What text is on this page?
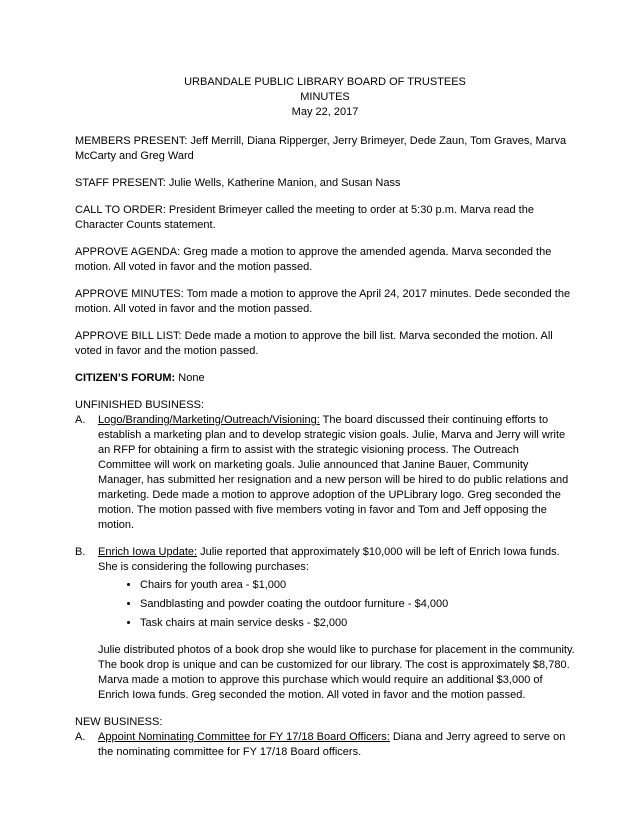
URBANDALE PUBLIC LIBRARY BOARD OF TRUSTEES
MINUTES
May 22, 2017

MEMBERS PRESENT: Jeff Merrill, Diana Ripperger, Jerry Brimeyer, Dede Zaun, Tom Graves, Marva McCarty and Greg Ward

STAFF PRESENT: Julie Wells, Katherine Manion, and Susan Nass

CALL TO ORDER: President Brimeyer called the meeting to order at 5:30 p.m. Marva read the Character Counts statement.

APPROVE AGENDA: Greg made a motion to approve the amended agenda. Marva seconded the motion. All voted in favor and the motion passed.

APPROVE MINUTES: Tom made a motion to approve the April 24, 2017 minutes. Dede seconded the motion. All voted in favor and the motion passed.

APPROVE BILL LIST: Dede made a motion to approve the bill list. Marva seconded the motion. All voted in favor and the motion passed.

CITIZEN’S FORUM: None

UNFINISHED BUSINESS:
A.	Logo/Branding/Marketing/Outreach/Visioning: The board discussed their continuing efforts to establish a marketing plan and to develop strategic vision goals. Julie, Marva and Jerry will write an RFP for obtaining a firm to assist with the strategic visioning process. The Outreach Committee will work on marketing goals. Julie announced that Janine Bauer, Community Manager, has submitted her resignation and a new person will be hired to do public relations and marketing. Dede made a motion to approve adoption of the UPLibrary logo. Greg seconded the motion. The motion passed with five members voting in favor and Tom and Jeff opposing the motion.
B.	Enrich Iowa Update: Julie reported that approximately $10,000 will be left of Enrich Iowa funds. She is considering the following purchases:
• Chairs for youth area - $1,000
• Sandblasting and powder coating the outdoor furniture - $4,000
• Task chairs at main service desks - $2,000
Julie distributed photos of a book drop she would like to purchase for placement in the community. The book drop is unique and can be customized for our library. The cost is approximately $8,780. Marva made a motion to approve this purchase which would require an additional $3,000 of Enrich Iowa funds. Greg seconded the motion. All voted in favor and the motion passed.
NEW BUSINESS:
A.	Appoint Nominating Committee for FY 17/18 Board Officers: Diana and Jerry agreed to serve on the nominating committee for FY 17/18 Board officers.
